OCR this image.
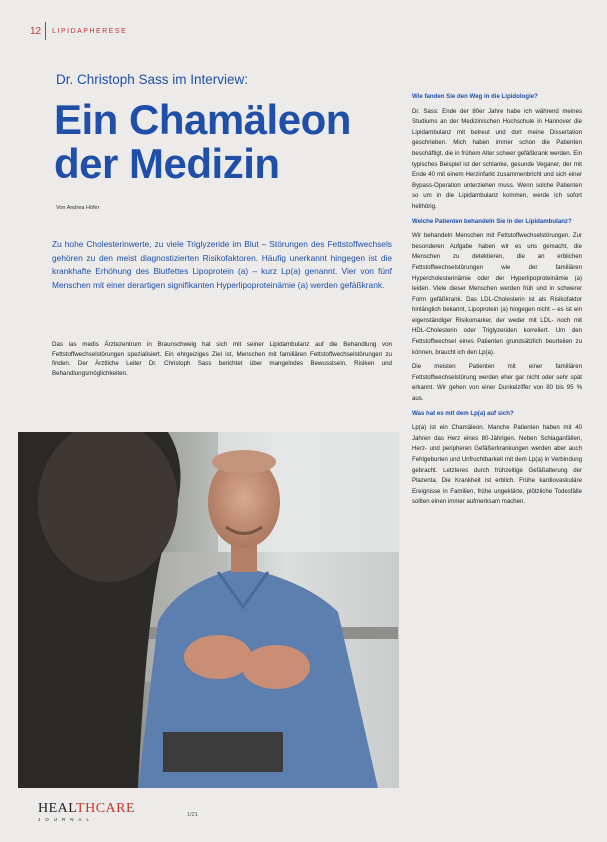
12 LIPIDAPHERESE
Dr. Christoph Sass im Interview:
Ein Chamäleon der Medizin
Von Andrea Höfer
Zu hohe Cholesterinwerte, zu viele Triglyzeride im Blut – Störungen des Fettstoffwechsels gehören zu den meist diagnostizierten Risikofaktoren. Häufig unerkannt hingegen ist die krankhafte Erhöhung des Blutfettes Lipoprotein (a) – kurz Lp(a) genannt. Vier von fünf Menschen mit einer derartigen signifikanten Hyperlipoproteinämie (a) werden gefäßkrank.
Das ias medis Ärztezentrum in Braunschweig hat sich mit seiner Lipidambulanz auf die Behandlung von Fettstoffwechselstörungen spezialisiert. Ein ehrgeiziges Ziel ist, Menschen mit familiären Fettstoffwechselstörungen zu finden. Der Ärztliche Leiter Dr. Christoph Sass berichtet über mangelndes Bewusstsein, Risiken und Behandlungsmöglichkeiten.

Wie fanden Sie den Weg in die Lipidologie?

Dr. Sass: Ende der 80er Jahre habe ich während meines Studiums an der Medizinischen Hochschule in Hannover die Lipidambulanz mit betreut und dort meine Dissertation geschrieben. Mich haben immer schon die Patienten beschäftigt, die in frühem Alter schwer gefäßkrank werden. Ein typisches Beispiel ist der schlanke, gesunde Veganer, der mit Ende 40 mit einem Herzinfarkt zusammenbricht und sich einer Bypass-Operation unterziehen muss. Wenn solche Patienten so um in die Lipidambulanz kommen, werde ich sofort hellhörig.

Welche Patienten behandeln Sie in der Lipidambulanz?

Wir behandeln Menschen mit Fettstoffwechselstörungen. Zur besonderen Aufgabe haben wir es uns gemacht, die Menschen zu detektieren, die an erblichen Fettstoffwechselstörungen wie der familiären Hypercholesterinämie oder der Hyperlipoproteinämie (a) leiden. Viele dieser Menschen werden früh und in schwerer Form gefäßkrank. Das LDL-Cholesterin ist als Risikofaktor hinlänglich bekannt, Lipoprotein (a) hingegen nicht – es ist ein eigenständiger Risikomarker, der weder mit LDL- noch mit HDL-Cholesterin oder Triglyzeriden korreliert. Um den Fettstoffwechsel eines Patienten grundsätzlich beurteilen zu können, braucht ich den Lp(a).

Die meisten Patienten mit einer familiären Fettstoffwechselstörung werden eher gar nicht oder sehr spät erkannt. Wir gehen von einer Dunkelziffer von 80 bis 95 % aus.

Was hat es mit dem Lp(a) auf sich?

Lp(a) ist ein Chamäleon. Manche Patienten haben mit 40 Jahren das Herz eines 80-Jährigen. Neben Schlaganfällen, Herz- und peripheren Gefäßerkrankungen werden aber auch Fehlgeburten und Unfruchtbarkeit mit dem Lp(a) in Verbindung gebracht. Letzteres durch frühzeitige Gefäßalterung der Plazenta. Die Krankheit ist erblich. Frühe kardiovaskuläre Ereignisse in Familien, frühe ungeklärte, plötzliche Todesfälle sollten einen immer aufmerksam machen.

HEALTHCARE
JOURNAL
1/21
